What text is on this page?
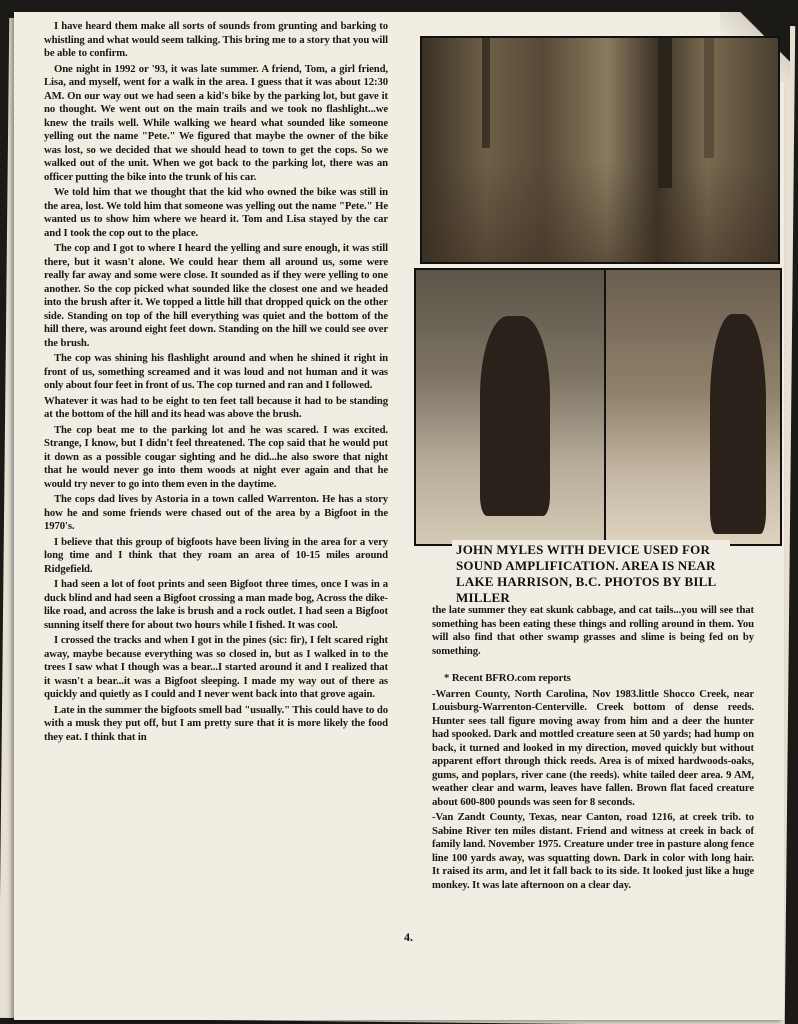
I have heard them make all sorts of sounds from grunting and barking to whistling and what would seem talking. This bring me to a story that you will be able to confirm.

One night in 1992 or '93, it was late summer. A friend, Tom, a girl friend, Lisa, and myself, went for a walk in the area. I guess that it was about 12:30 AM. On our way out we had seen a kid's bike by the parking lot, but gave it no thought. We went out on the main trails and we took no flashlight...we knew the trails well. While walking we heard what sounded like someone yelling out the name "Pete." We figured that maybe the owner of the bike was lost, so we decided that we should head to town to get the cops. So we walked out of the unit. When we got back to the parking lot, there was an officer putting the bike into the trunk of his car.

We told him that we thought that the kid who owned the bike was still in the area, lost. We told him that someone was yelling out the name "Pete." He wanted us to show him where we heard it. Tom and Lisa stayed by the car and I took the cop out to the place.

The cop and I got to where I heard the yelling and sure enough, it was still there, but it wasn't alone. We could hear them all around us, some were really far away and some were close. It sounded as if they were yelling to one another. So the cop picked what sounded like the closest one and we headed into the brush after it. We topped a little hill that dropped quick on the other side. Standing on top of the hill everything was quiet and the bottom of the hill there, was around eight feet down. Standing on the hill we could see over the brush.

The cop was shining his flashlight around and when he shined it right in front of us, something screamed and it was loud and not human and it was only about four feet in front of us. The cop turned and ran and I followed.

Whatever it was had to be eight to ten feet tall because it had to be standing at the bottom of the hill and its head was above the brush.

The cop beat me to the parking lot and he was scared. I was excited. Strange, I know, but I didn't feel threatened. The cop said that he would put it down as a possible cougar sighting and he did...he also swore that night that he would never go into them woods at night ever again and that he would try never to go into them even in the daytime.

The cops dad lives by Astoria in a town called Warrenton. He has a story how he and some friends were chased out of the area by a Bigfoot in the 1970's.

I believe that this group of bigfoots have been living in the area for a very long time and I think that they roam an area of 10-15 miles around Ridgefield.

I had seen a lot of foot prints and seen Bigfoot three times, once I was in a duck blind and had seen a Bigfoot crossing a man made bog, Across the dike-like road, and across the lake is brush and a rock outlet. I had seen a Bigfoot sunning itself there for about two hours while I fished. It was cool.

I crossed the tracks and when I got in the pines (sic: fir), I felt scared right away, maybe because everything was so closed in, but as I walked in to the trees I saw what I though was a bear...I started around it and I realized that it wasn't a bear...it was a Bigfoot sleeping. I made my way out of there as quickly and quietly as I could and I never went back into that grove again.

Late in the summer the bigfoots smell bad "usually." This could have to do with a musk they put off, but I am pretty sure that it is more likely the food they eat. I think that in

JOHN MYLES WITH DEVICE USED FOR SOUND AMPLIFICATION. AREA IS NEAR LAKE HARRISON, B.C. PHOTOS BY BILL MILLER

the late summer they eat skunk cabbage, and cat tails...you will see that something has been eating these things and rolling around in them. You will also find that other swamp grasses and slime is being fed on by something.

* Recent BFRO.com reports

-Warren County, North Carolina, Nov 1983.little Shocco Creek, near Louisburg-Warrenton-Centerville. Creek bottom of dense reeds. Hunter sees tall figure moving away from him and a deer the hunter had spooked. Dark and mottled creature seen at 50 yards; had hump on back, it turned and looked in my direction, moved quickly but without apparent effort through thick reeds. Area is of mixed hardwoods-oaks, gums, and poplars, river cane (the reeds). white tailed deer area. 9 AM, weather clear and warm, leaves have fallen. Brown flat faced creature about 600-800 pounds was seen for 8 seconds.

-Van Zandt County, Texas, near Canton, road 1216, at creek trib. to Sabine River ten miles distant. Friend and witness at creek in back of family land. November 1975. Creature under tree in pasture along fence line 100 yards away, was squatting down. Dark in color with long hair. It raised its arm, and let it fall back to its side. It looked just like a huge monkey. It was late afternoon on a clear day.

4.
